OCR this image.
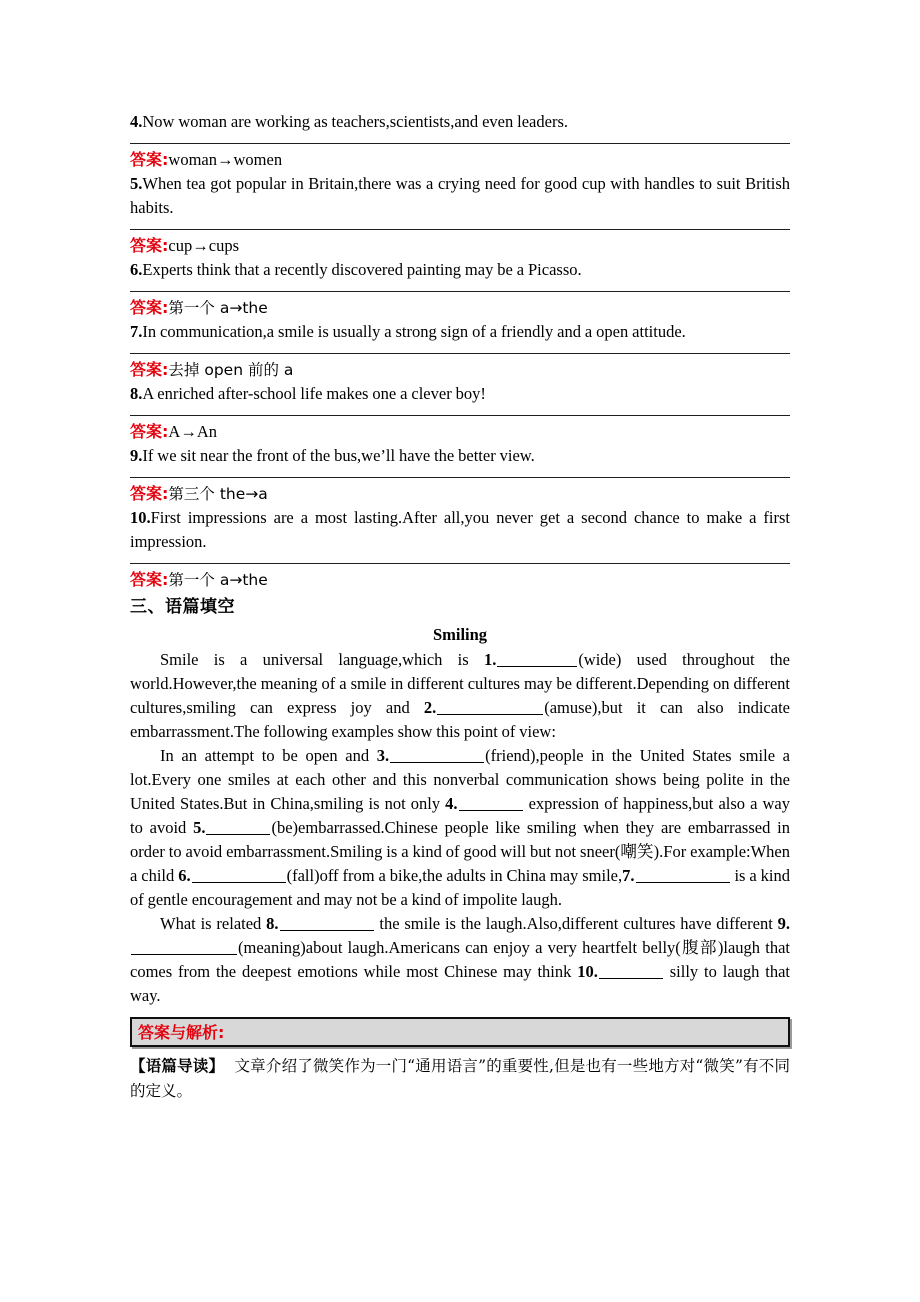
4.Now woman are working as teachers,scientists,and even leaders.

答案:woman→women

5.When tea got popular in Britain,there was a crying need for good cup with handles to suit British habits.

答案:cup→cups

6.Experts think that a recently discovered painting may be a Picasso.

答案:第一个 a→the

7.In communication,a smile is usually a strong sign of a friendly and a open attitude.

答案:去掉 open 前的 a

8.A enriched after-school life makes one a clever boy!

答案:A→An

9.If we sit near the front of the bus,we’ll have the better view.

答案:第三个 the→a

10.First impressions are a most lasting.After all,you never get a second chance to make a first impression.

答案:第一个 a→the

三、语篇填空

Smiling

Smile is a universal language,which is 1.	(wide) used throughout the world.However,the meaning of a smile in different cultures may be different.Depending on different cultures,smiling can express joy and 2.	(amuse),but it can also indicate embarrassment.The following examples show this point of view:

In an attempt to be open and 3.	(friend),people in the United States smile a lot.Every one smiles at each other and this nonverbal communication shows being polite in the United States.But in China,smiling is not only 4.	expression of happiness,but also a way to avoid 5.	(be)embarrassed.Chinese people like smiling when they are embarrassed in order to avoid embarrassment.Smiling is a kind of good will but not sneer(嘲笑).For example:When a child 6.	(fall)off from a bike,the adults in China may smile,7.	is a kind of gentle encouragement and may not be a kind of impolite laugh.

What is related 8.	the smile is the laugh.Also,different cultures have different 9.(meaning)about laugh.Americans can enjoy a very heartfelt belly(腹部)laugh that comes from the deepest emotions while most Chinese may think 10.	silly to laugh that way.

答案与解析:

【语篇导读】 文章介绍了微笑作为一门“通用语言”的重要性,但是也有一些地方对“微笑”有不同的定义。
